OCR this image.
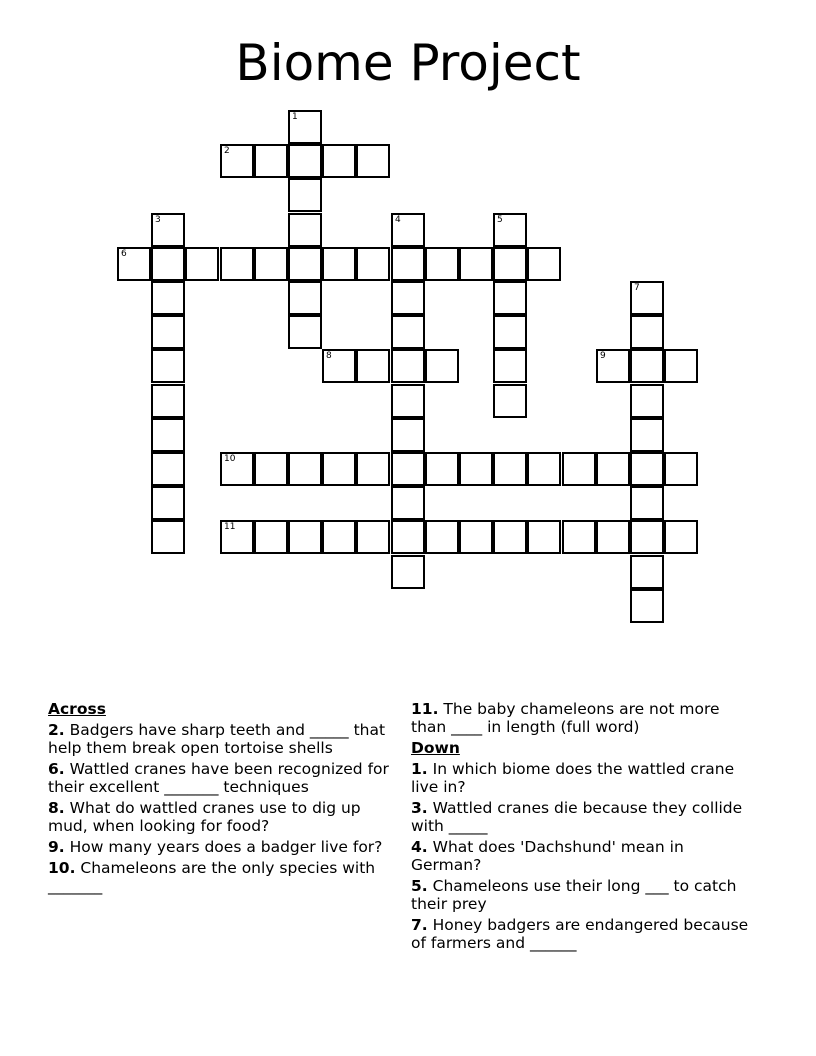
Biome Project
1
2
3	4	5
6
7
8	9
10
11
Across
2. Badgers have sharp teeth and _____ that help them break open tortoise shells
6. Wattled cranes have been recognized for their excellent _______ techniques
8. What do wattled cranes use to dig up mud, when looking for food?
9. How many years does a badger live for?
10. Chameleons are the only species with _______
11. The baby chameleons are not more than ____ in length (full word)
Down
1. In which biome does the wattled crane live in?
3. Wattled cranes die because they collide with _____
4. What does 'Dachshund' mean in German?
5. Chameleons use their long ___ to catch their prey
7. Honey badgers are endangered because of farmers and ______
